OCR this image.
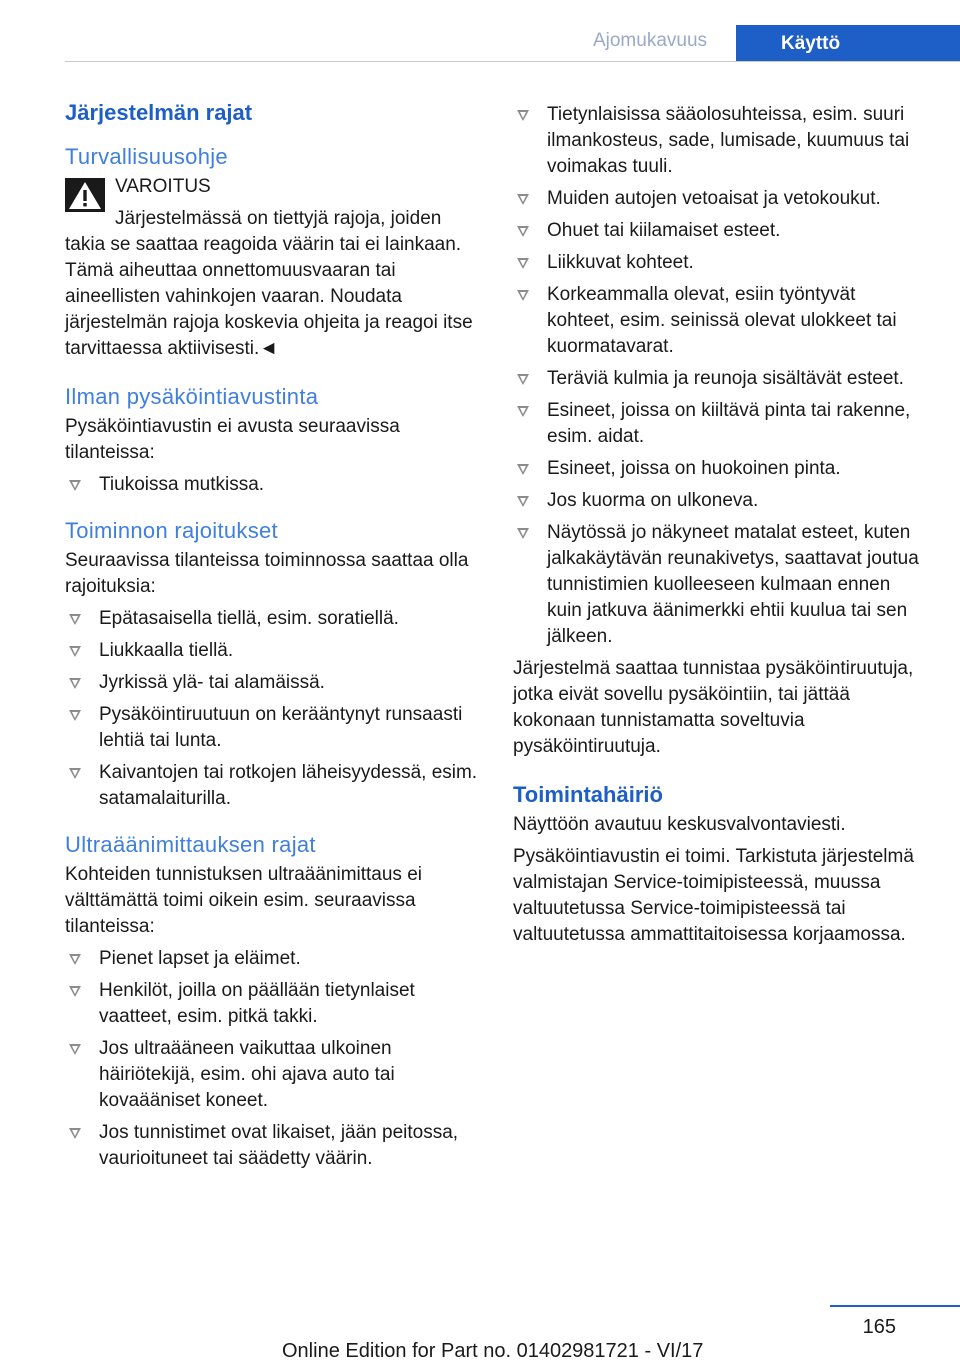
Ajomukavuus	Käyttö
Järjestelmän rajat
Turvallisuusohje
VAROITUS
Järjestelmässä on tiettyjä rajoja, joiden
takia se saattaa reagoida väärin tai ei lainkaan. Tämä aiheuttaa onnettomuusvaaran tai aineellisten vahinkojen vaaran. Noudata järjestelmän rajoja koskevia ohjeita ja reagoi itse tarvittaessa aktiivisesti.◄
Ilman pysäköintiavustinta

Pysäköintiavustin ei avusta seuraavissa tilanteissa:

Tiukoissa mutkissa.
Toiminnon rajoitukset

Seuraavissa tilanteissa toiminnossa saattaa olla rajoituksia:

Epätasaisella tiellä, esim. soratiellä.
Liukkaalla tiellä.
Jyrkissä ylä- tai alamäissä.
Pysäköintiruutuun on kerääntynyt runsaasti lehtiä tai lunta.
Kaivantojen tai rotkojen läheisyydessä, esim. satamalaiturilla.
Ultraäänimittauksen rajat

Kohteiden tunnistuksen ultraäänimittaus ei välttämättä toimi oikein esim. seuraavissa tilanteissa:

Pienet lapset ja eläimet.
Henkilöt, joilla on päällään tietynlaiset vaatteet, esim. pitkä takki.
Jos ultraääneen vaikuttaa ulkoinen häiriötekijä, esim. ohi ajava auto tai kovaääniset koneet.
Jos tunnistimet ovat likaiset, jään peitossa, vaurioituneet tai säädetty väärin.
Tietynlaisissa sääolosuhteissa, esim. suuri ilmankosteus, sade, lumisade, kuumuus tai voimakas tuuli.
Muiden autojen vetoaisat ja vetokoukut.
Ohuet tai kiilamaiset esteet.
Liikkuvat kohteet.
Korkeammalla olevat, esiin työntyvät kohteet, esim. seinissä olevat ulokkeet tai kuormatavarat.
Teräviä kulmia ja reunoja sisältävät esteet.
Esineet, joissa on kiiltävä pinta tai rakenne, esim. aidat.
Esineet, joissa on huokoinen pinta.
Jos kuorma on ulkoneva.
Näytössä jo näkyneet matalat esteet, kuten jalkakäytävän reunakivetys, saattavat joutua tunnistimien kuolleeseen kulmaan ennen kuin jatkuva äänimerkki ehtii kuulua tai sen jälkeen.

Järjestelmä saattaa tunnistaa pysäköintiruutuja, jotka eivät sovellu pysäköintiin, tai jättää kokonaan tunnistamatta soveltuvia pysäköintiruutuja.

Toimintahäiriö

Näyttöön avautuu keskusvalvontaviesti.

Pysäköintiavustin ei toimi. Tarkistuta järjestelmä valmistajan Service-toimipisteessä, muussa valtuutetussa Service-toimipisteessä tai valtuutetussa ammattitaitoisessa korjaamossa.

165
Online Edition for Part no. 01402981721 - VI/17
